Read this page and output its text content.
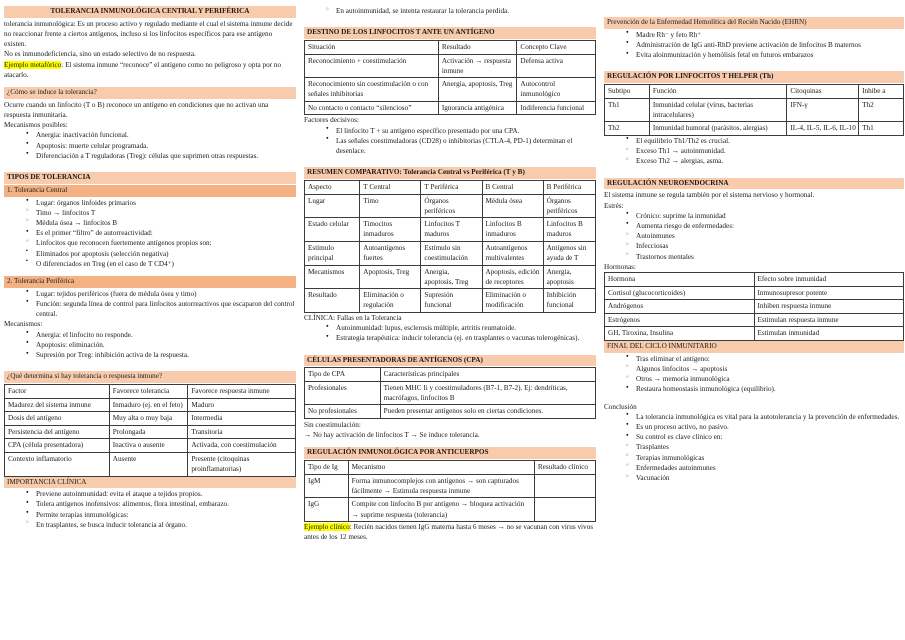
TOLERANCIA INMUNOLÓGICA CENTRAL Y PERIFÉRICA

tolerancia inmunológica: Es un proceso activo y regulado mediante el cual el sistema inmune decide no reaccionar frente a ciertos antígenos, incluso si los linfocitos específicos para ese antígeno existen.

No es inmunodeficiencia, sino un estado selectivo de no respuesta.

Ejemplo metafórico: El sistema inmune “reconoce” el antígeno como no peligroso y opta por no atacarlo.

¿Cómo se induce la tolerancia?

Ocurre cuando un linfocito (T o B) reconoce un antígeno en condiciones que no activan una respuesta inmunitaria.

Mecanismos posibles:

● Anergia: inactivación funcional.
● Apoptosis: muerte celular programada.
● Diferenciación a T reguladoras (Treg): células que suprimen otras respuestas.
TIPOS DE TOLERANCIA
1. Tolerancia Central
● Lugar: órganos linfoides primarios
○ Timo → linfocitos T
○ Médula ósea → linfocitos B
● Es el primer “filtro” de autorreactividad:
○ Linfocitos que reconocen fuertemente antígenos propios son:
▪ Eliminados por apoptosis (selección negativa)
▪ O diferenciados en Treg (en el caso de T CD4⁺)
2. Tolerancia Periférica
● Lugar: tejidos periféricos (fuera de médula ósea y timo)
● Función: segunda línea de control para linfocitos autorreactivos que escaparon del control central.

Mecanismos:

● Anergia: el linfocito no responde.
● Apoptosis: eliminación.
● Supresión por Treg: inhibición activa de la respuesta.
¿Qué determina si hay tolerancia o respuesta inmune?
Factor	Favorece tolerancia	Favorece respuesta inmune
Madurez del sistema inmune	Inmaduro (ej. en el feto)	Maduro
Dosis del antígeno	Muy alta o muy baja	Intermedia
Persistencia del antígeno	Prolongada	Transitoria
CPA (célula presentadora)	Inactiva o ausente	Activada, con coestimulación
Contexto inflamatorio	Ausente	Presente (citoquinas proinflamatorias)
IMPORTANCIA CLÍNICA
● Previene autoinmunidad: evita el ataque a tejidos propios.
● Tolera antígenos inofensivos: alimentos, flora intestinal, embarazo.
● Permite terapias inmunológicas:
○ En trasplantes, se busca inducir tolerancia al órgano.
○ En autoinmunidad, se intenta restaurar la tolerancia perdida.
DESTINO DE LOS LINFOCITOS T ANTE UN ANTÍGENO
Situación	Resultado	Concepto Clave
Reconocimiento + coestimulación	Activación → respuesta inmune	Defensa activa
Reconocimiento sin coestimulación o con señales inhibitorias	Anergia, apoptosis, Treg	Autocontrol inmunológico
No contacto o contacto “silencioso”	Ignorancia antigénica	Indiferencia funcional

Factores decisivos:

● El linfocito T + su antígeno específico presentado por una CPA.
● Las señales coestimuladoras (CD28) o inhibitorias (CTLA-4, PD-1) determinan el desenlace.
RESUMEN COMPARATIVO: Tolerancia Central vs Periférica (T y B)
Aspecto	T Central	T Periférica	B Central	B Periférica
Lugar	Timo	Órganos periféricos	Médula ósea	Órganos periféricos
Estado celular	Timocitos inmaduros	Linfocitos T maduros	Linfocitos B inmaduros	Linfocitos B maduros
Estímulo principal	Autoantígenos fuertes	Estímulo sin coestimulación	Autoantígenos multivalentes	Antígenos sin ayuda de T
Mecanismos	Apoptosis, Treg	Anergia, apoptosis, Treg	Apoptosis, edición de receptores	Anergia, apoptosis
Resultado	Eliminación o regulación	Supresión funcional	Eliminación o modificación	Inhibición funcional

CLÍNICA: Fallas en la Tolerancia

● Autoinmunidad: lupus, esclerosis múltiple, artritis reumatoide.
● Estrategia terapéutica: inducir tolerancia (ej. en trasplantes o vacunas tolerogénicas).
CÉLULAS PRESENTADORAS DE ANTÍGENOS (CPA)
Tipo de CPA	Características principales
Profesionales	Tienen MHC Ii y coestimuladores (B7-1, B7-2). Ej: dendríticas, macrófagos, linfocitos B
No profesionales	Pueden presentar antígenos solo en ciertas condiciones.

Sin coestimulación:

→ No hay activación de linfocitos T → Se induce tolerancia.

REGULACIÓN INMUNOLÓGICA POR ANTICUERPOS
Tipo de Ig	Mecanismo	Resultado clínico
IgM	Forma inmunocomplejos con antígenos → son capturados fácilmente → Estimula respuesta inmune	
IgG	Compite con linfocito B por antígeno → bloquea activación → suprime respuesta (tolerancia)	

Ejemplo clínico: Recién nacidos tienen IgG materna hasta 6 meses → no se vacunan con virus vivos antes de los 12 meses.

Prevención de la Enfermedad Hemolítica del Recién Nacido (EHRN)
● Madre Rh⁻ y feto Rh⁺
● Administración de IgG anti-RhD previene activación de linfocitos B maternos
● Evita aloinmunización y hemólisis fetal en futuros embarazos
REGULACIÓN POR LINFOCITOS T HELPER (Th)
Subtipo	Función	Citoquinas	Inhibe a
Th1	Inmunidad celular (virus, bacterias intracelulares)	IFN-γ	Th2
Th2	Inmunidad humoral (parásitos, alergias)	IL-4, IL-5, IL-6, IL-10	Th1
● El equilibrio Th1/Th2 es crucial.
○ Exceso Th1 → autoinmunidad.
○ Exceso Th2 → alergias, asma.
REGULACIÓN NEUROENDOCRINA

El sistema inmune se regula también por el sistema nervioso y hormonal.

Estrés:

● Crónico: suprime la inmunidad
● Aumenta riesgo de enfermedades:
○ Autoinmunes
○ Infecciosas
○ Trastornos mentales

Hormonas:

Hormona	Efecto sobre inmunidad
Cortisol (glucocorticoides)	Inmunosupresor potente
Andrógenos	Inhiben respuesta inmune
Estrógenos	Estimulan respuesta inmune
GH, Tiroxina, Insulina	Estimulan inmunidad
FINAL DEL CICLO INMUNITARIO
● Tras eliminar el antígeno:
○ Algunos linfocitos → apoptosis
○ Otros → memoria inmunológica
● Restaura homeostasis inmunológica (equilibrio).

Conclusión

● La tolerancia inmunológica es vital para la autotolerancia y la prevención de enfermedades.
● Es un proceso activo, no pasivo.
● Su control es clave clínico en:
○ Trasplantes
○ Terapias inmunológicas
○ Enfermedades autoinmunes
○ Vacunación
